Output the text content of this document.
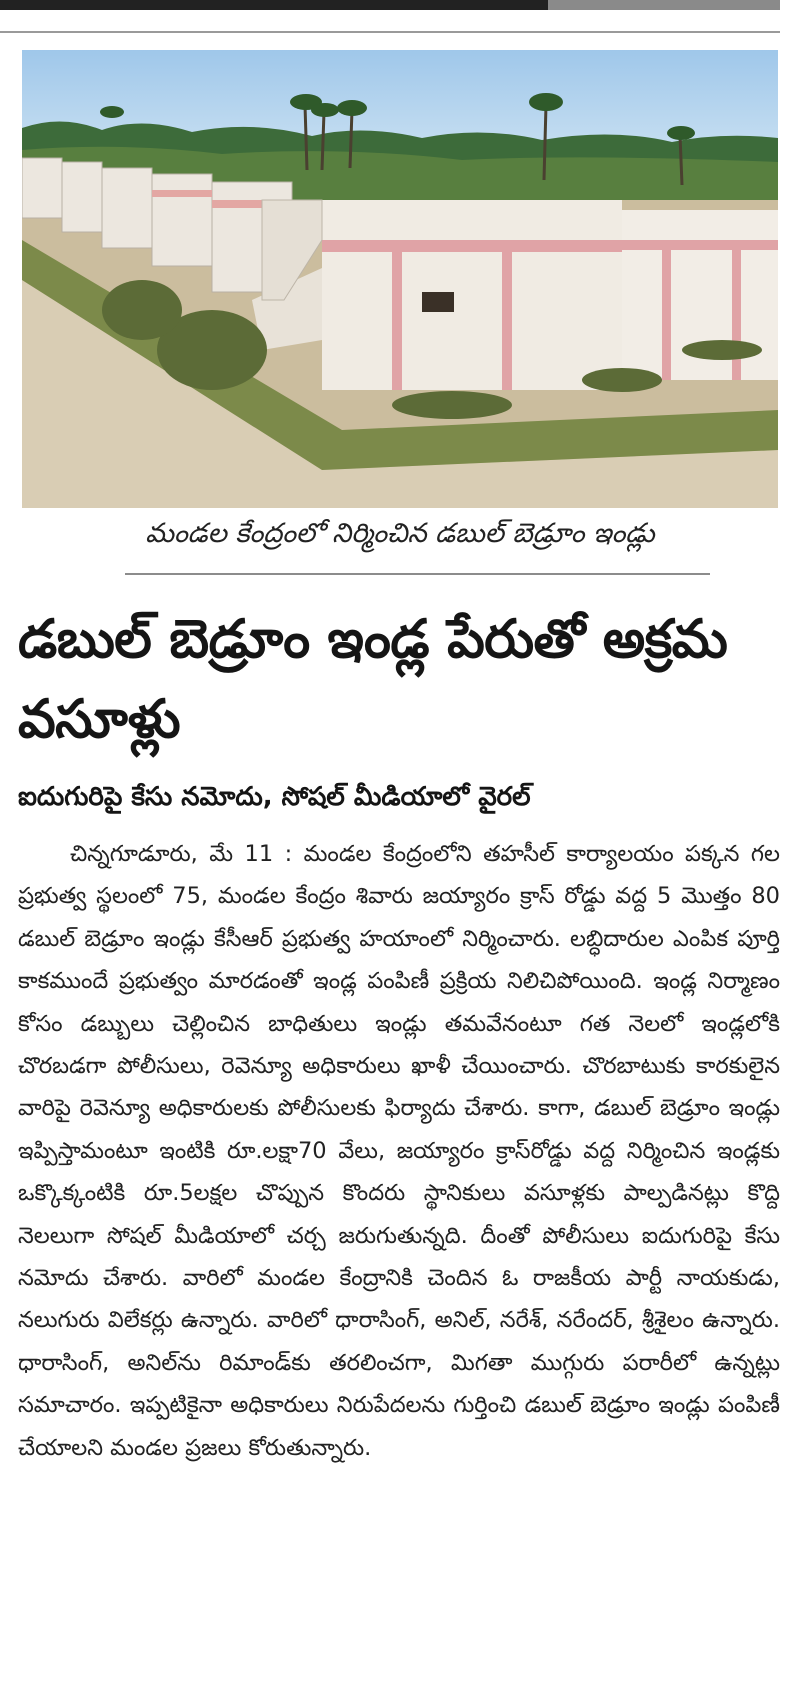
మండల కేంద్రంలో నిర్మించిన డబుల్ బెడ్రూం ఇండ్లు
డబుల్ బెడ్రూం ఇండ్ల పేరుతో అక్రమ వసూళ్లు
ఐదుగురిపై కేసు నమోదు, సోషల్ మీడియాలో వైరల్

చిన్నగూడూరు, మే 11 : మండల కేంద్రంలోని తహసీల్ కార్యాలయం పక్కన గల ప్రభుత్వ స్థలంలో 75, మండల కేంద్రం శివారు జయ్యారం క్రాస్ రోడ్డు వద్ద 5 మొత్తం 80 డబుల్ బెడ్రూం ఇండ్లు కేసీఆర్ ప్రభుత్వ హయాంలో నిర్మించారు. లబ్ధిదారుల ఎంపిక పూర్తి కాకముందే ప్రభుత్వం మారడంతో ఇండ్ల పంపిణీ ప్రక్రియ నిలిచిపోయింది. ఇండ్ల నిర్మాణం కోసం డబ్బులు చెల్లించిన బాధితులు ఇండ్లు తమవేనంటూ గత నెలలో ఇండ్లలోకి చొరబడగా పోలీసులు, రెవెన్యూ అధికారులు ఖాళీ చేయించారు. చొరబాటుకు కారకులైన వారిపై రెవెన్యూ అధికారులకు పోలీసులకు ఫిర్యాదు చేశారు. కాగా, డబుల్ బెడ్రూం ఇండ్లు ఇప్పిస్తామంటూ ఇంటికి రూ.లక్షా70 వేలు, జయ్యారం క్రాస్‌రోడ్డు వద్ద నిర్మించిన ఇండ్లకు ఒక్కొక్కంటికి రూ.5లక్షల చొప్పున కొందరు స్థానికులు వసూళ్లకు పాల్పడినట్లు కొద్ది నెలలుగా సోషల్ మీడియాలో చర్చ జరుగుతున్నది. దీంతో పోలీసులు ఐదుగురిపై కేసు నమోదు చేశారు. వారిలో మండల కేంద్రానికి చెందిన ఓ రాజకీయ పార్టీ నాయకుడు, నలుగురు విలేకర్లు ఉన్నారు. వారిలో ధారాసింగ్, అనిల్, నరేశ్, నరేందర్, శ్రీశైలం ఉన్నారు. ధారాసింగ్, అనిల్‌ను రిమాండ్‌కు తరలించగా, మిగతా ముగ్గురు పరారీలో ఉన్నట్లు సమాచారం. ఇప్పటికైనా అధికారులు నిరుపేదలను గుర్తించి డబుల్ బెడ్రూం ఇండ్లు పంపిణీ చేయాలని మండల ప్రజలు కోరుతున్నారు.
